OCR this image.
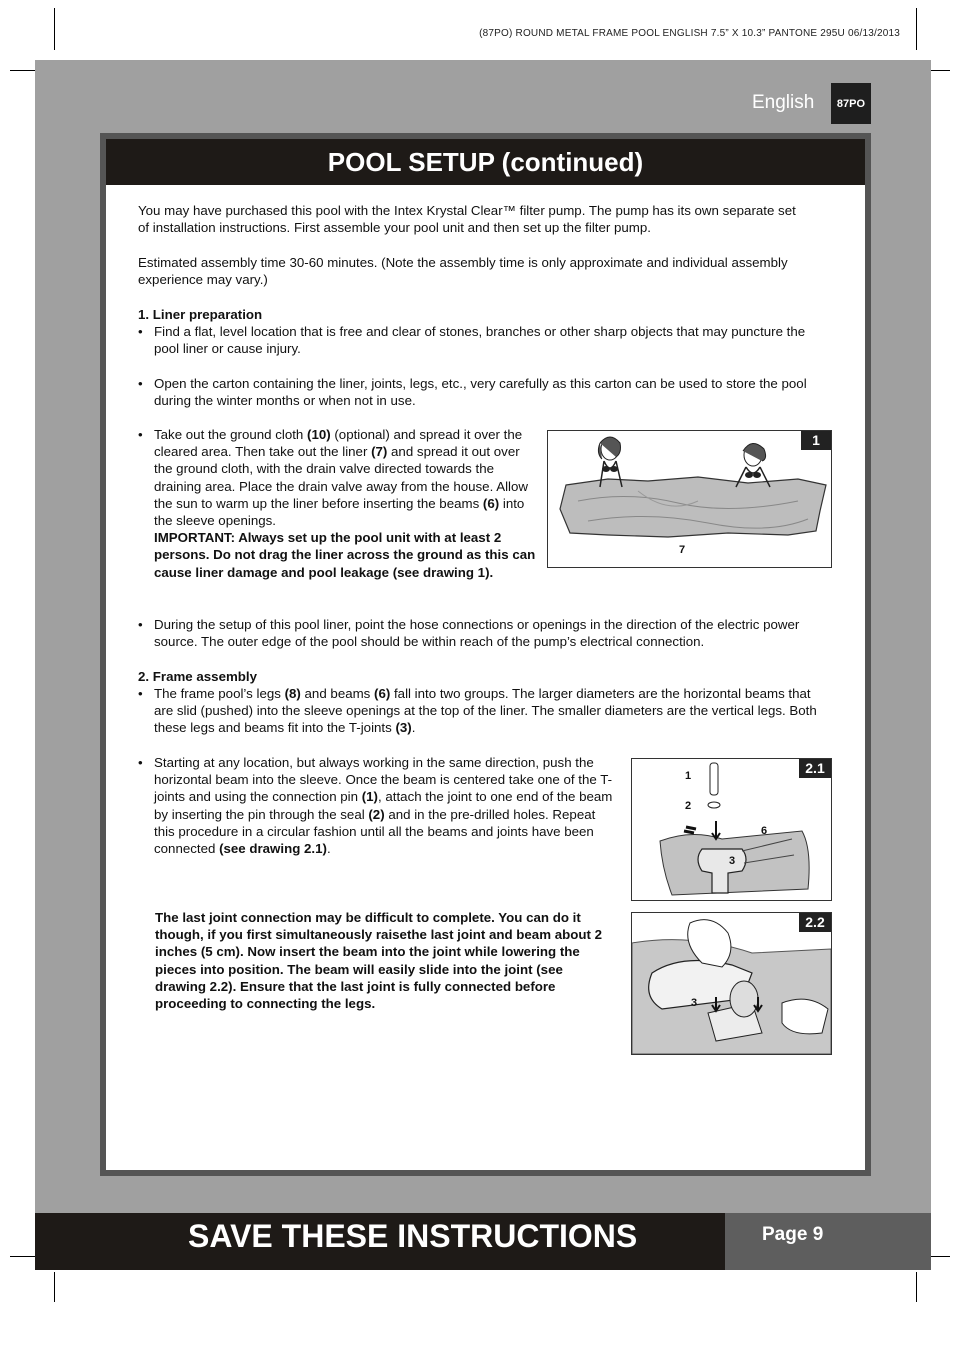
(87PO) ROUND METAL FRAME POOL ENGLISH 7.5” X 10.3” PANTONE 295U 06/13/2013
English	87PO
POOL SETUP (continued)

You may have purchased this pool with the Intex Krystal Clear™ filter pump. The pump has its own separate set of installation instructions. First assemble your pool unit and then set up the filter pump.

Estimated assembly time 30-60 minutes. (Note the assembly time is only approximate and individual assembly experience may vary.)

1. Liner preparation

• Find a flat, level location that is free and clear of stones, branches or other sharp objects that may puncture the pool liner or cause injury.
• Open the carton containing the liner, joints, legs, etc., very carefully as this carton can be used to store the pool during the winter months or when not in use.
• Take out the ground cloth (10) (optional) and spread it over the cleared area. Then take out the liner (7) and spread it out over the ground cloth, with the drain valve directed towards the draining area. Place the drain valve away from the house. Allow the sun to warm up the liner before inserting the beams (6) into the sleeve openings.
IMPORTANT: Always set up the pool unit with at least 2 persons. Do not drag the liner across the ground as this can cause liner damage and pool leakage (see drawing 1).
1
7
• During the setup of this pool liner, point the hose connections or openings in the direction of the electric power source. The outer edge of the pool should be within reach of the pump’s electrical connection.

2. Frame assembly

• The frame pool’s legs (8) and beams (6) fall into two groups. The larger diameters are the horizontal beams that are slid (pushed) into the sleeve openings at the top of the liner. The smaller diameters are the vertical legs. Both these legs and beams fit into the T-joints (3).
• Starting at any location, but always working in the same direction, push the horizontal beam into the sleeve. Once the beam is centered take one of the T- joints and using the connection pin (1), attach the joint to one end of the beam by inserting the pin through the seal (2) and in the pre-drilled holes. Repeat this procedure in a circular fashion until all the beams and joints have been connected (see drawing 2.1).

The last joint connection may be difficult to complete. You can do it though, if you first simultaneously raisethe last joint and beam about 2 inches (5 cm). Now insert the beam into the joint while lowering the pieces into position. The beam will easily slide into the joint (see drawing 2.2). Ensure that the last joint is fully connected before proceeding to connecting the legs.

2.1
1
2
6
3
2.2
3
SAVE THESE INSTRUCTIONS	Page 9
